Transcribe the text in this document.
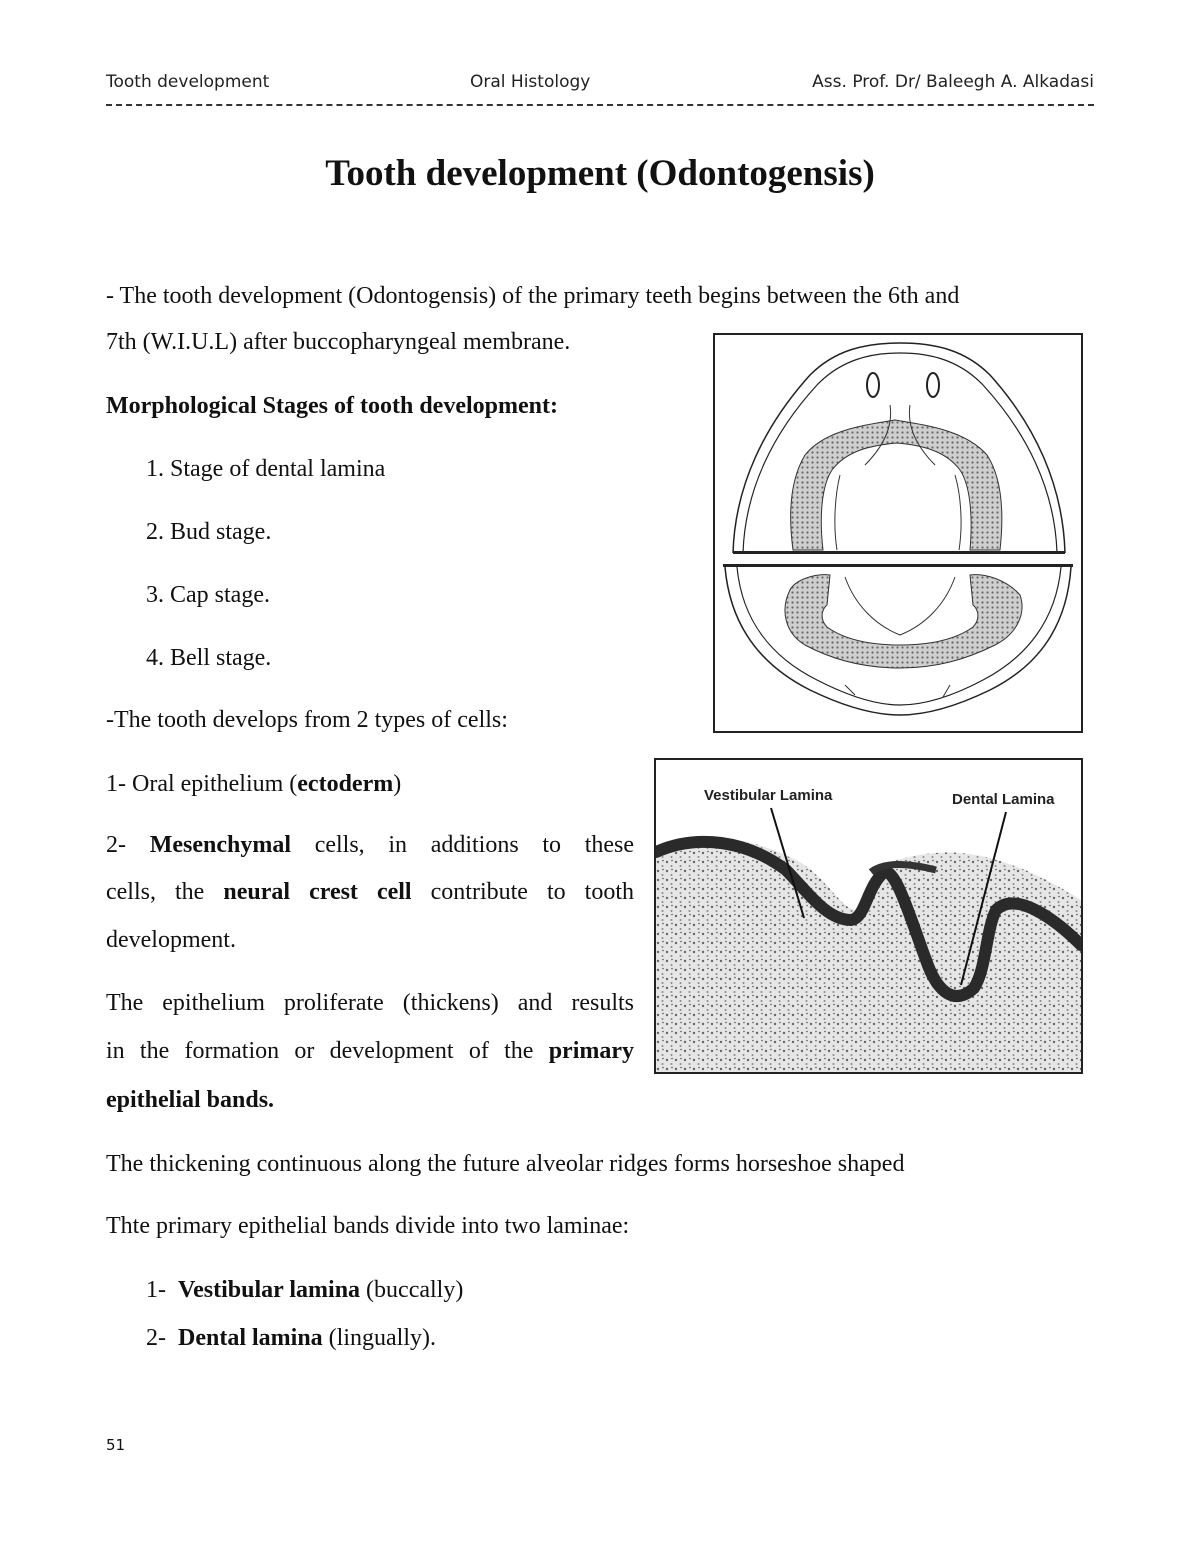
Tooth development	Oral Histology	Ass. Prof. Dr/ Baleegh A. Alkadasi
Tooth development (Odontogensis)
- The tooth development (Odontogensis) of the primary teeth begins between the 6th and
7th (W.I.U.L) after buccopharyngeal membrane.
Morphological Stages of tooth development:
1. Stage of dental lamina
2. Bud stage.
3. Cap stage.
4. Bell stage.
-The tooth develops from 2 types of cells:
1- Oral epithelium (ectoderm)
2- Mesenchymal cells, in additions to these
cells, the neural crest cell contribute to tooth
development.
The epithelium proliferate (thickens) and results
in the formation or development of the primary
epithelial bands.
The thickening continuous along the future alveolar ridges forms horseshoe shaped
Thte primary epithelial bands divide into two laminae:
1- Vestibular lamina (buccally)
2- Dental lamina (lingually).
Vestibular Lamina	Dental Lamina
51
